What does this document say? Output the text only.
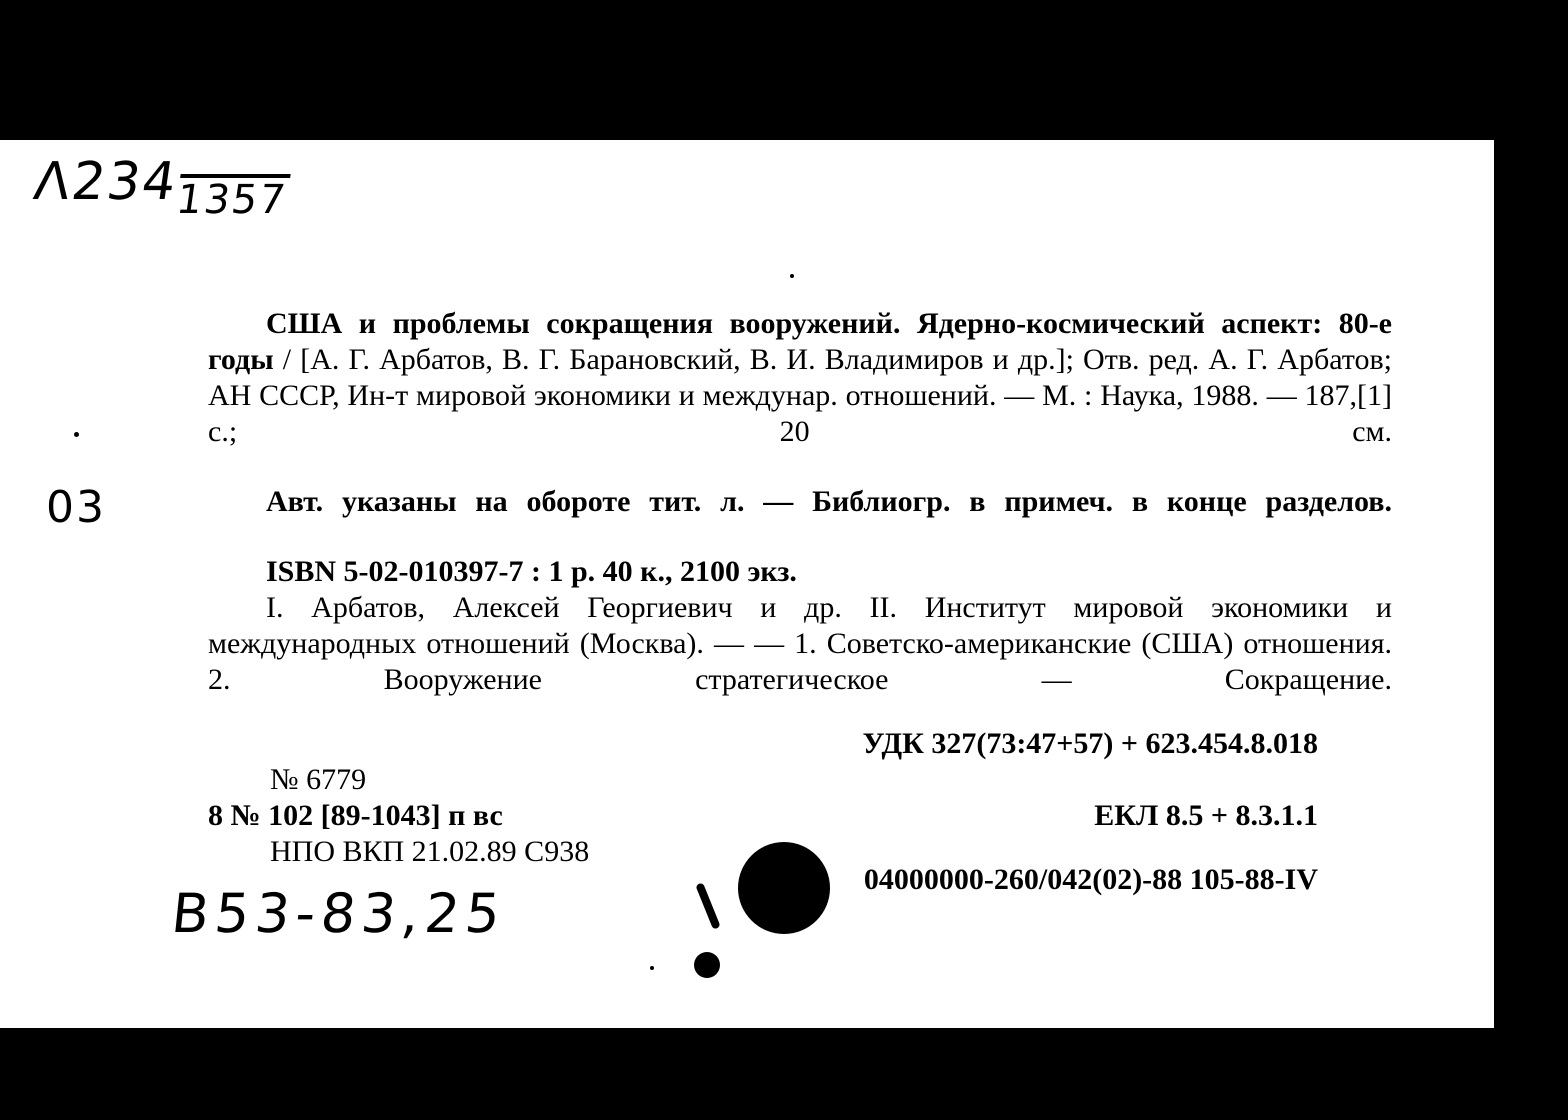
Λ2341357
03
США и проблемы сокращения вооружений. Ядерно-космический аспект: 80-е годы / [А. Г. Арбатов, В. Г. Барановский, В. И. Владимиров и др.]; Отв. ред. А. Г. Арбатов; АН СССР, Ин-т мировой экономики и междунар. отношений. — М. : Наука, 1988. — 187,[1] с.; 20 см.

Авт. указаны на обороте тит. л. — Библиогр. в примеч. в конце разделов.

ISBN 5-02-010397-7 : 1 р. 40 к., 2100 экз.

I. Арбатов, Алексей Георгиевич и др. II. Институт мировой экономики и международных отношений (Москва). — — 1. Советско-американские (США) отношения. 2. Вооружение стратегическое — Сокращение.

УДК 327(73:47+57) + 623.454.8.018
№ 6779
8 № 102 [89-1043] п вс	ЕКЛ 8.5 + 8.3.1.1
НПО ВКП 21.02.89 С938
04000000-260/042(02)-88 105-88-IV
B53-83,25
